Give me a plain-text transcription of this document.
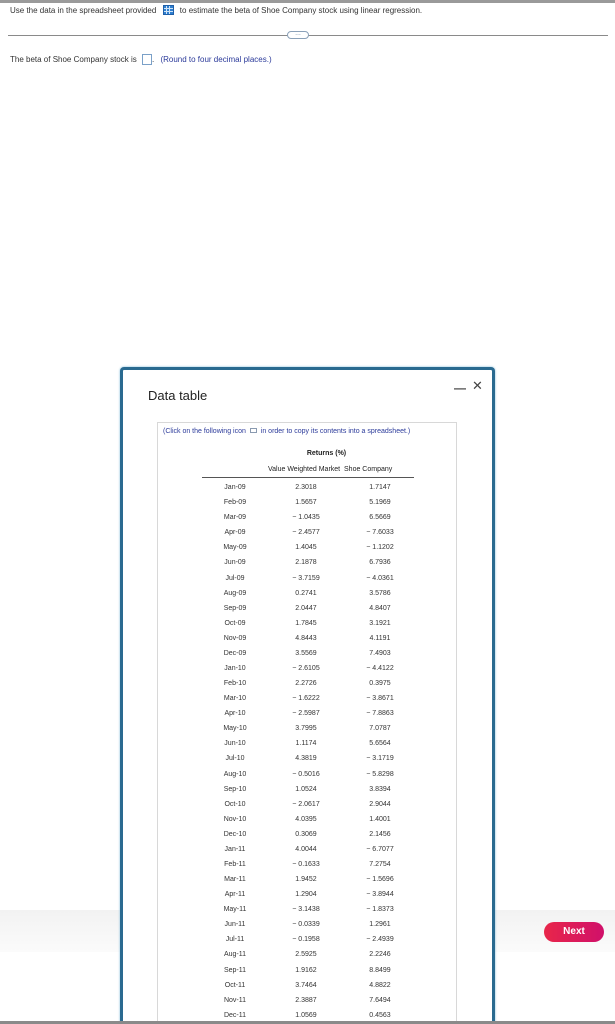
Use the data in the spreadsheet provided	to estimate the beta of Shoe Company stock using linear regression.
…
The beta of Shoe Company stock is . (Round to four decimal places.)
Next
Data table	— ✕
(Click on the following icon in order to copy its contents into a spreadsheet.)
Returns (%)
Value Weighted Market Shoe Company
Jan-09	2.3018	1.7147
Feb-09	1.5657	5.1969
Mar-09	− 1.0435	6.5669
Apr-09	− 2.4577	− 7.6033
May-09	1.4045	− 1.1202
Jun-09	2.1878	6.7936
Jul-09	− 3.7159	− 4.0361
Aug-09	0.2741	3.5786
Sep-09	2.0447	4.8407
Oct-09	1.7845	3.1921
Nov-09	4.8443	4.1191
Dec-09	3.5569	7.4903
Jan-10	− 2.6105	− 4.4122
Feb-10	2.2726	0.3975
Mar-10	− 1.6222	− 3.8671
Apr-10	− 2.5987	− 7.8863
May-10	3.7995	7.0787
Jun-10	1.1174	5.6564
Jul-10	4.3819	− 3.1719
Aug-10	− 0.5016	− 5.8298
Sep-10	1.0524	3.8394
Oct-10	− 2.0617	2.9044
Nov-10	4.0395	1.4001
Dec-10	0.3069	2.1456
Jan-11	4.0044	− 6.7077
Feb-11	− 0.1633	7.2754
Mar-11	1.9452	− 1.5696
Apr-11	1.2904	− 3.8944
May-11	− 3.1438	− 1.8373
Jun-11	− 0.0339	1.2961
Jul-11	− 0.1958	− 2.4939
Aug-11	2.5925	2.2246
Sep-11	1.9162	8.8499
Oct-11	3.7464	4.8822
Nov-11	2.3887	7.6494
Dec-11	1.0569	0.4563
